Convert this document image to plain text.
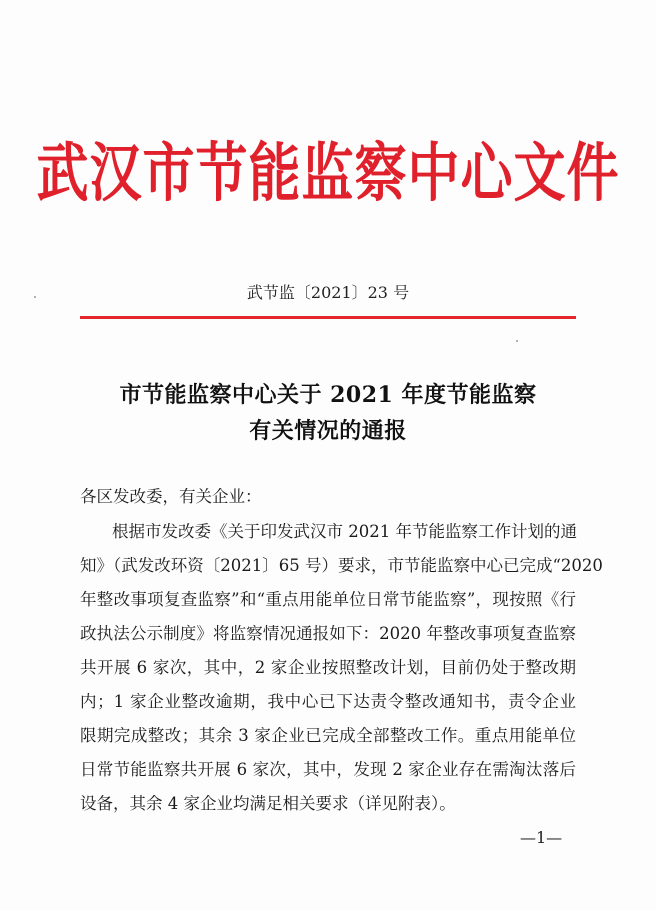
武汉市节能监察中心文件
武节监〔2021〕23 号
市节能监察中心关于 2021 年度节能监察
有关情况的通报
各区发改委，有关企业：
根据市发改委《关于印发武汉市 2021 年节能监察工作计划的通
知》（武发改环资〔2021〕65 号）要求，市节能监察中心已完成“2020
年整改事项复查监察”和“重点用能单位日常节能监察”，现按照《行
政执法公示制度》将监察情况通报如下：2020 年整改事项复查监察
共开展 6 家次，其中，2 家企业按照整改计划，目前仍处于整改期
内；1 家企业整改逾期，我中心已下达责令整改通知书，责令企业
限期完成整改；其余 3 家企业已完成全部整改工作。重点用能单位
日常节能监察共开展 6 家次，其中，发现 2 家企业存在需淘汰落后
设备，其余 4 家企业均满足相关要求（详见附表）。
—1—
